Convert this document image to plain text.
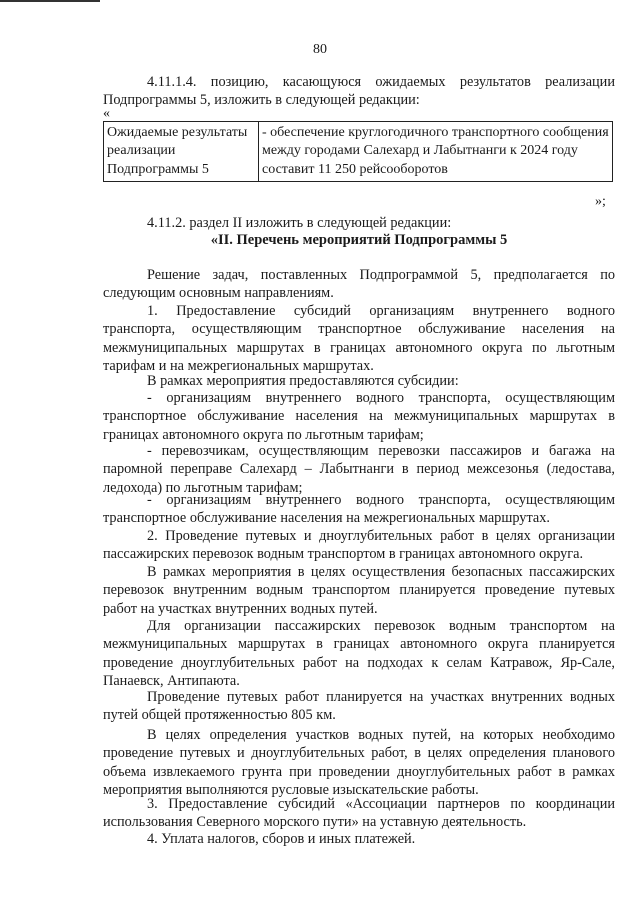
80

4.11.1.4. позицию, касающуюся ожидаемых результатов реализации Подпрограммы 5, изложить в следующей редакции:

«
Ожидаемые результаты реализации Подпрограммы 5	- обеспечение круглогодичного транспортного сообщения между городами Салехард и Лабытнанги к 2024 году составит 11 250 рейсооборотов
»;

4.11.2. раздел II изложить в следующей редакции:

«II. Перечень мероприятий Подпрограммы 5

Решение задач, поставленных Подпрограммой 5, предполагается по следующим основным направлениям.

1. Предоставление субсидий организациям внутреннего водного транспорта, осуществляющим транспортное обслуживание населения на межмуниципальных маршрутах в границах автономного округа по льготным тарифам и на межрегиональных маршрутах.

В рамках мероприятия предоставляются субсидии:

- организациям внутреннего водного транспорта, осуществляющим транспортное обслуживание населения на межмуниципальных маршрутах в границах автономного округа по льготным тарифам;

- перевозчикам, осуществляющим перевозки пассажиров и багажа на паромной переправе Салехард – Лабытнанги в период межсезонья (ледостава, ледохода) по льготным тарифам;

- организациям внутреннего водного транспорта, осуществляющим транспортное обслуживание населения на межрегиональных маршрутах.

2. Проведение путевых и дноуглубительных работ в целях организации пассажирских перевозок водным транспортом в границах автономного округа.

В рамках мероприятия в целях осуществления безопасных пассажирских перевозок внутренним водным транспортом планируется проведение путевых работ на участках внутренних водных путей.

Для организации пассажирских перевозок водным транспортом на межмуниципальных маршрутах в границах автономного округа планируется проведение дноуглубительных работ на подходах к селам Катравож, Яр-Сале, Панаевск, Антипаюта.

Проведение путевых работ планируется на участках внутренних водных путей общей протяженностью 805 км.

В целях определения участков водных путей, на которых необходимо проведение путевых и дноуглубительных работ, в целях определения планового объема извлекаемого грунта при проведении дноуглубительных работ в рамках мероприятия выполняются русловые изыскательские работы.

3. Предоставление субсидий «Ассоциации партнеров по координации использования Северного морского пути» на уставную деятельность.

4. Уплата налогов, сборов и иных платежей.
